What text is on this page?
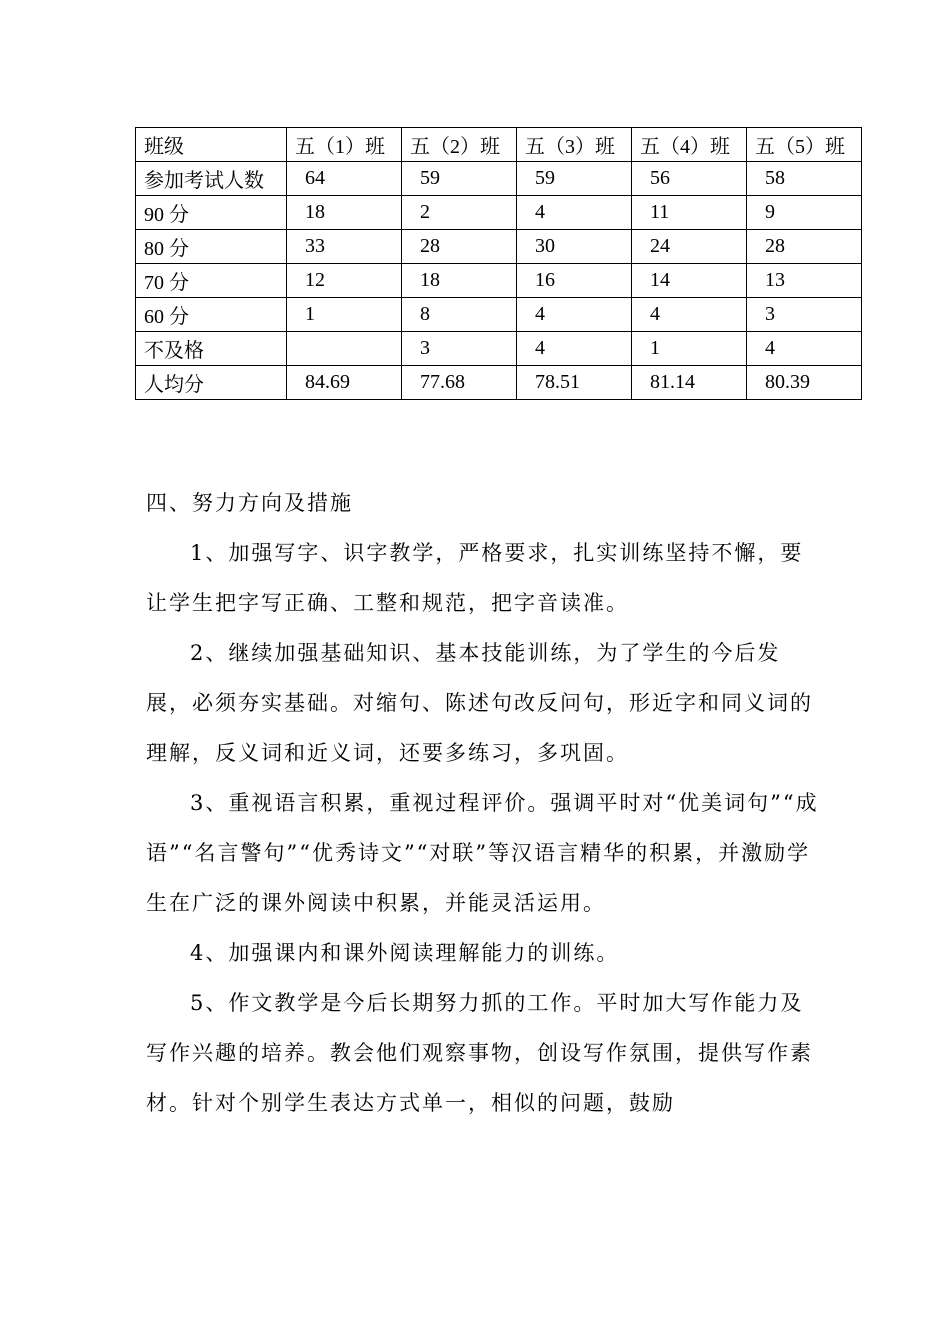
班级	五（1）班	五（2）班	五（3）班	五（4）班	五（5）班
参加考试人数	64	59	59	56	58
90 分	18	2	4	11	9
80 分	33	28	30	24	28
70 分	12	18	16	14	13
60 分	1	8	4	4	3
不及格		3	4	1	4
人均分	84.69	77.68	78.51	81.14	80.39

四、努力方向及措施

1、加强写字、识字教学，严格要求，扎实训练坚持不懈，要让学生把字写正确、工整和规范，把字音读准。

2、继续加强基础知识、基本技能训练，为了学生的今后发展，必须夯实基础。对缩句、陈述句改反问句，形近字和同义词的理解，反义词和近义词，还要多练习，多巩固。

3、重视语言积累，重视过程评价。强调平时对“优美词句”“成语”“名言警句”“优秀诗文”“对联”等汉语言精华的积累，并激励学生在广泛的课外阅读中积累，并能灵活运用。

4、加强课内和课外阅读理解能力的训练。

5、作文教学是今后长期努力抓的工作。平时加大写作能力及写作兴趣的培养。教会他们观察事物，创设写作氛围，提供写作素材。针对个别学生表达方式单一，相似的问题，鼓励
